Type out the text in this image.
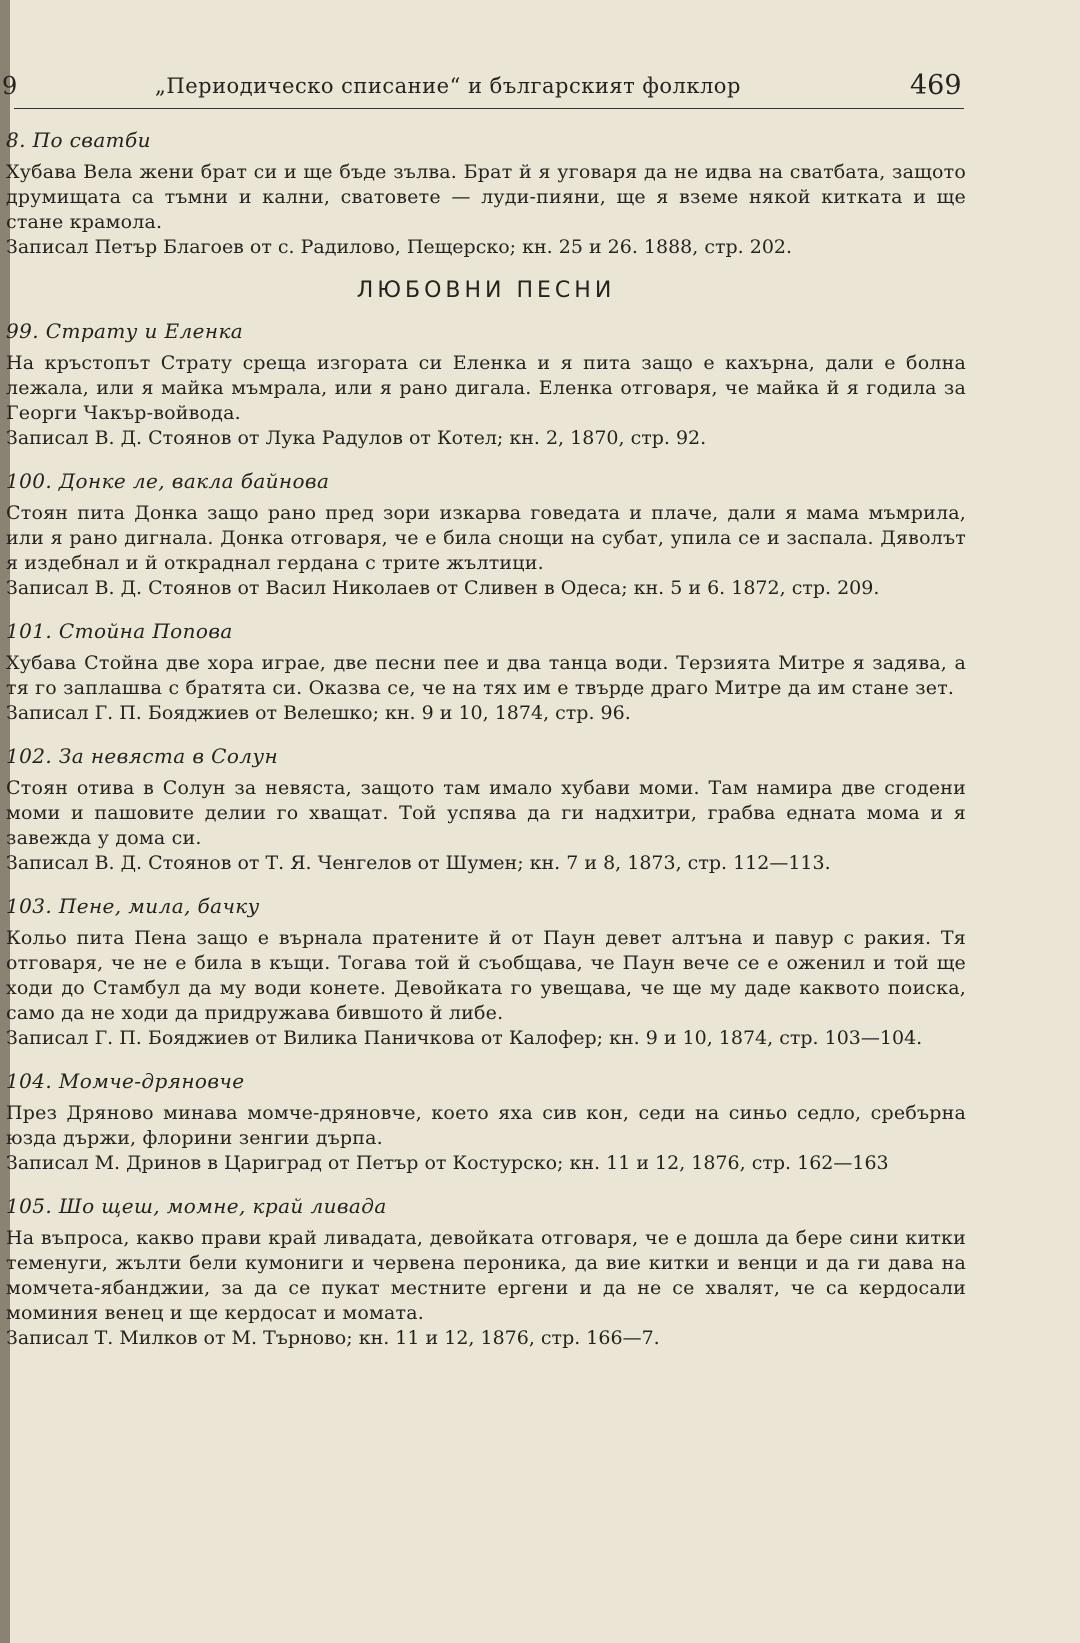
9	„Периодическо списание“ и българският фолклор	469

8. По сватби

Хубава Вела жени брат си и ще бъде зълва. Брат й я уговаря да не идва на сватбата, защото друмищата са тъмни и кални, сватовете — луди-пияни, ще я вземе някой китката и ще стане крамола.

Записал Петър Благоев от с. Радилово, Пещерско; кн. 25 и 26. 1888, стр. 202.

ЛЮБОВНИ ПЕСНИ

99. Страту и Еленка

На кръстопът Страту среща изгората си Еленка и я пита защо е кахърна, дали е болна лежала, или я майка мъмрала, или я рано дигала. Еленка отговаря, че майка й я годила за Георги Чакър-войвода.

Записал В. Д. Стоянов от Лука Радулов от Котел; кн. 2, 1870, стр. 92.

100. Донке ле, вакла байнова

Стоян пита Донка защо рано пред зори изкарва говедата и плаче, дали я мама мъмрила, или я рано дигнала. Донка отговаря, че е била снощи на субат, упила се и заспала. Дяволът я издебнал и й откраднал гердана с трите жълтици.

Записал В. Д. Стоянов от Васил Николаев от Сливен в Одеса; кн. 5 и 6. 1872, стр. 209.

101. Стойна Попова

Хубава Стойна две хора играе, две песни пее и два танца води. Терзията Митре я задява, а тя го заплашва с братята си. Оказва се, че на тях им е твърде драго Митре да им стане зет.

Записал Г. П. Бояджиев от Велешко; кн. 9 и 10, 1874, стр. 96.

102. За невяста в Солун

Стоян отива в Солун за невяста, защото там имало хубави моми. Там намира две сгодени моми и пашовите делии го хващат. Той успява да ги надхитри, грабва едната мома и я завежда у дома си.

Записал В. Д. Стоянов от Т. Я. Ченгелов от Шумен; кн. 7 и 8, 1873, стр. 112—113.

103. Пене, мила, бачку

Кольо пита Пена защо е върнала пратените й от Паун девет алтъна и павур с ракия. Тя отговаря, че не е била в къщи. Тогава той й съобщава, че Паун вече се е оженил и той ще ходи до Стамбул да му води конете. Девойката го увещава, че ще му даде каквото поиска, само да не ходи да придружава бившото й либе.

Записал Г. П. Бояджиев от Вилика Паничкова от Калофер; кн. 9 и 10, 1874, стр. 103—104.

104. Момче-дряновче

През Дряново минава момче-дряновче, което яха сив кон, седи на синьо седло, сребърна юзда държи, флорини зенгии дърпа.

Записал М. Дринов в Цариград от Петър от Костурско; кн. 11 и 12, 1876, стр. 162—163

105. Шо щеш, момне, край ливада

На въпроса, какво прави край ливадата, девойката отговаря, че е дошла да бере сини китки теменуги, жълти бели кумониги и червена пероника, да вие китки и венци и да ги дава на момчета-ябанджии, за да се пукат местните ергени и да не се хвалят, че са кердосали моминия венец и ще кердосат и момата.

Записал Т. Милков от М. Търново; кн. 11 и 12, 1876, стр. 166—7.
